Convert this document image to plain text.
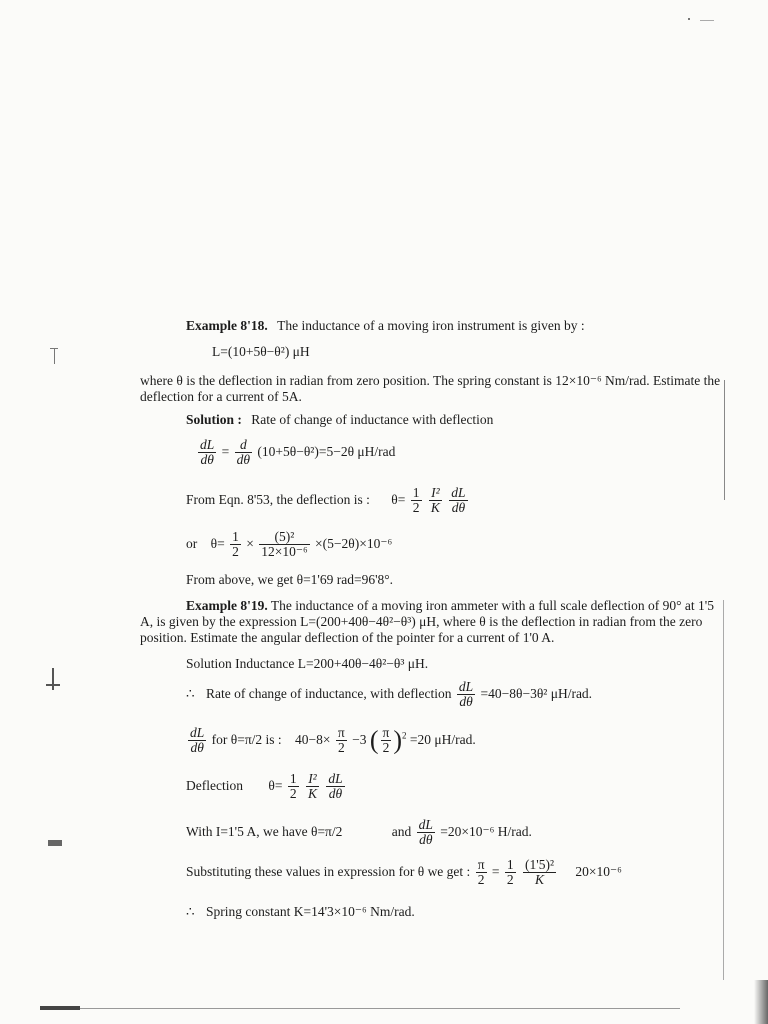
Example 8'18. The inductance of a moving iron instrument is given by :
L=(10+5θ−θ²) μH
where θ is the deflection in radian from zero position. The spring constant is 12×10⁻⁶ Nm/rad. Estimate the deflection for a current of 5A.
Solution : Rate of change of inductance with deflection
$\frac{dL}{d\theta} = \frac{d}{d\theta} (10+5\theta-\theta^2)=5-2\theta$ μH/rad
From Eqn. 8'53, the deflection is : $\theta= \frac{1}{2}$
$\frac{\text{I²}}{K}$
$\frac{dL}{d\theta}$
or $\theta= \frac{1}{2} \times \frac{\text{(5)²}}{\text{12×10⁻⁶}} \times(5-2\theta)\times 10^{-6}$
From above, we get θ=1'69 rad=96'8°.
Example 8'19. The inductance of a moving iron ammeter with a full scale deflection of 90° at 1'5 A, is given by the expression L=(200+40θ−4θ²−θ³) μH, where θ is the deflection in radian from the zero position. Estimate the angular deflection of the pointer for a current of 1'0 A.
Solution Inductance L=200+40θ−4θ²−θ³ μH.
∴ Rate of change of inductance, with deflection $\frac{dL}{d\theta} =40-8\theta-3\theta^2$ μH/rad.
$\frac{dL}{d\theta}$ for θ=π/2 is : $40-8\times \frac{\pi}{2} -3$ ( $\frac{\pi}{2} )^2 =20$ μH/rad.
Deflection $\theta= \frac{1}{2}$
$\frac{\text{I²}}{K}$
$\frac{dL}{d\theta}$
With I=1'5 A, we have θ=π/2	and $\frac{dL}{d\theta} =20\times 10^{-6}$ H/rad.
Substituting these values in expression for θ we get : $\frac{\pi}{2} = \frac{1}{2}$
$\frac{\text{(1'5)²}}{K} 20\times 10^{-6}$
∴ Spring constant K=14'3×10⁻⁶ Nm/rad.
